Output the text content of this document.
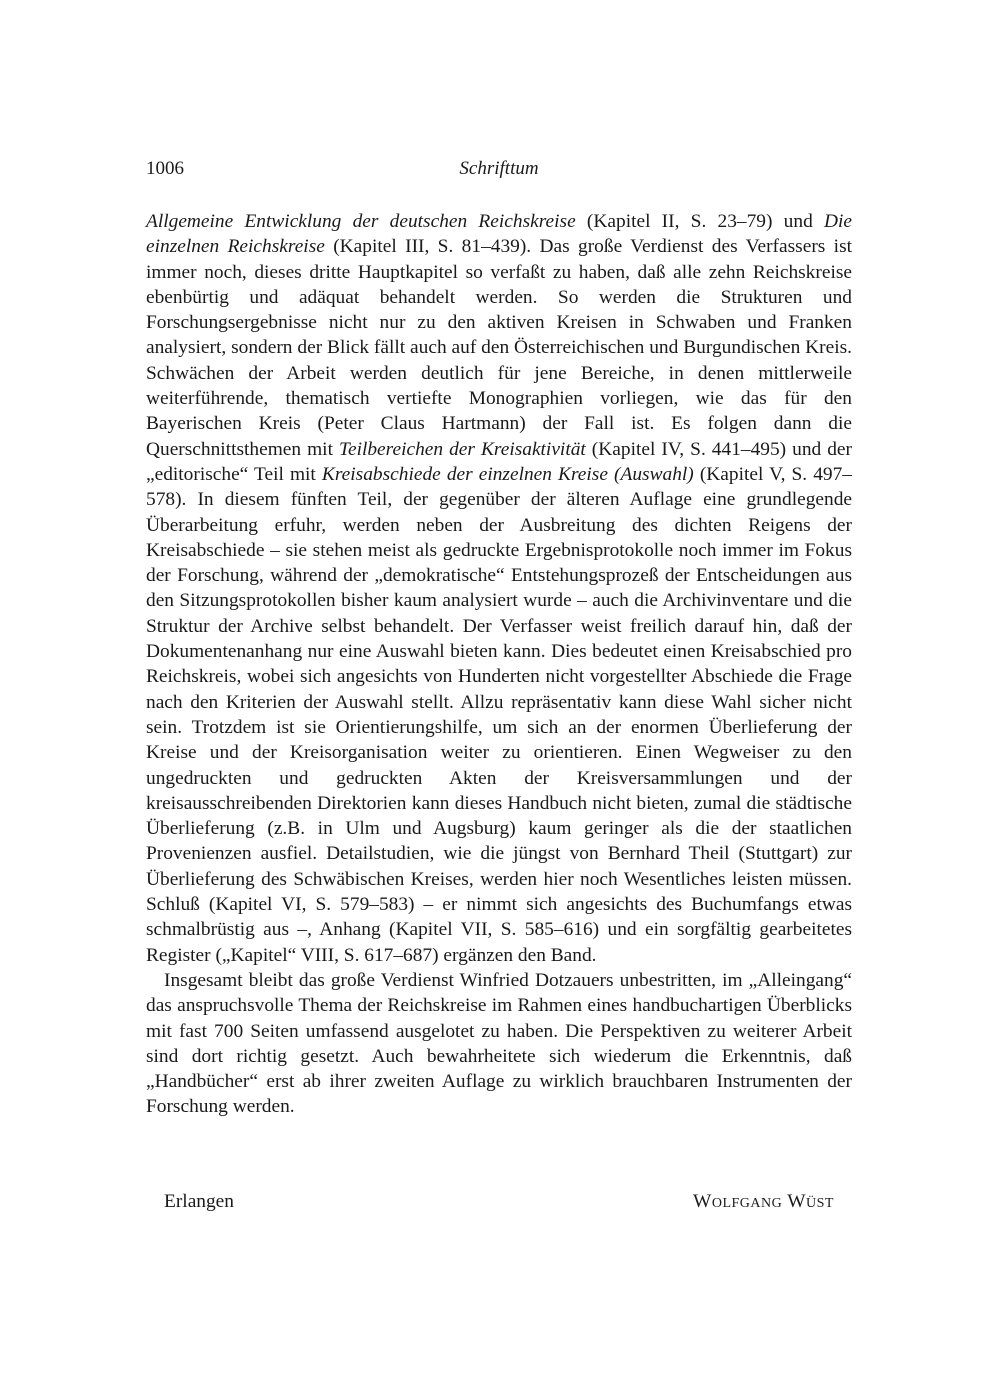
1006	Schrifttum

Allgemeine Entwicklung der deutschen Reichskreise (Kapitel II, S. 23–79) und Die einzelnen Reichskreise (Kapitel III, S. 81–439). Das große Verdienst des Verfassers ist immer noch, dieses dritte Hauptkapitel so verfaßt zu haben, daß alle zehn Reichskreise ebenbürtig und adäquat behandelt werden. So werden die Strukturen und Forschungsergebnisse nicht nur zu den aktiven Kreisen in Schwaben und Franken analysiert, sondern der Blick fällt auch auf den Österreichischen und Burgundischen Kreis. Schwächen der Arbeit werden deutlich für jene Bereiche, in denen mittlerweile weiterführende, thematisch vertiefte Monographien vorliegen, wie das für den Bayerischen Kreis (Peter Claus Hartmann) der Fall ist. Es folgen dann die Querschnittsthemen mit Teilbereichen der Kreisaktivität (Kapitel IV, S. 441–495) und der „editorische“ Teil mit Kreisabschiede der einzelnen Kreise (Auswahl) (Kapitel V, S. 497–578). In diesem fünften Teil, der gegenüber der älteren Auflage eine grundlegende Überarbeitung erfuhr, werden neben der Ausbreitung des dichten Reigens der Kreisabschiede – sie stehen meist als gedruckte Ergebnisprotokolle noch immer im Fokus der Forschung, während der „demokratische“ Entstehungsprozeß der Entscheidungen aus den Sitzungsprotokollen bisher kaum analysiert wurde – auch die Archivinventare und die Struktur der Archive selbst behandelt. Der Verfasser weist freilich darauf hin, daß der Dokumentenanhang nur eine Auswahl bieten kann. Dies bedeutet einen Kreisabschied pro Reichskreis, wobei sich angesichts von Hunderten nicht vorgestellter Abschiede die Frage nach den Kriterien der Auswahl stellt. Allzu repräsentativ kann diese Wahl sicher nicht sein. Trotzdem ist sie Orientierungshilfe, um sich an der enormen Überlieferung der Kreise und der Kreisorganisation weiter zu orientieren. Einen Wegweiser zu den ungedruckten und gedruckten Akten der Kreisversammlungen und der kreisausschreibenden Direktorien kann dieses Handbuch nicht bieten, zumal die städtische Überlieferung (z.B. in Ulm und Augsburg) kaum geringer als die der staatlichen Provenienzen ausfiel. Detailstudien, wie die jüngst von Bernhard Theil (Stuttgart) zur Überlieferung des Schwäbischen Kreises, werden hier noch Wesentliches leisten müssen. Schluß (Kapitel VI, S. 579–583) – er nimmt sich angesichts des Buchumfangs etwas schmalbrüstig aus –, Anhang (Kapitel VII, S. 585–616) und ein sorgfältig gearbeitetes Register („Kapitel“ VIII, S. 617–687) ergänzen den Band.

Insgesamt bleibt das große Verdienst Winfried Dotzauers unbestritten, im „Alleingang“ das anspruchsvolle Thema der Reichskreise im Rahmen eines handbuchartigen Überblicks mit fast 700 Seiten umfassend ausgelotet zu haben. Die Perspektiven zu weiterer Arbeit sind dort richtig gesetzt. Auch bewahrheitete sich wiederum die Erkenntnis, daß „Handbücher“ erst ab ihrer zweiten Auflage zu wirklich brauchbaren Instrumenten der Forschung werden.

Erlangen	Wolfgang Wüst
